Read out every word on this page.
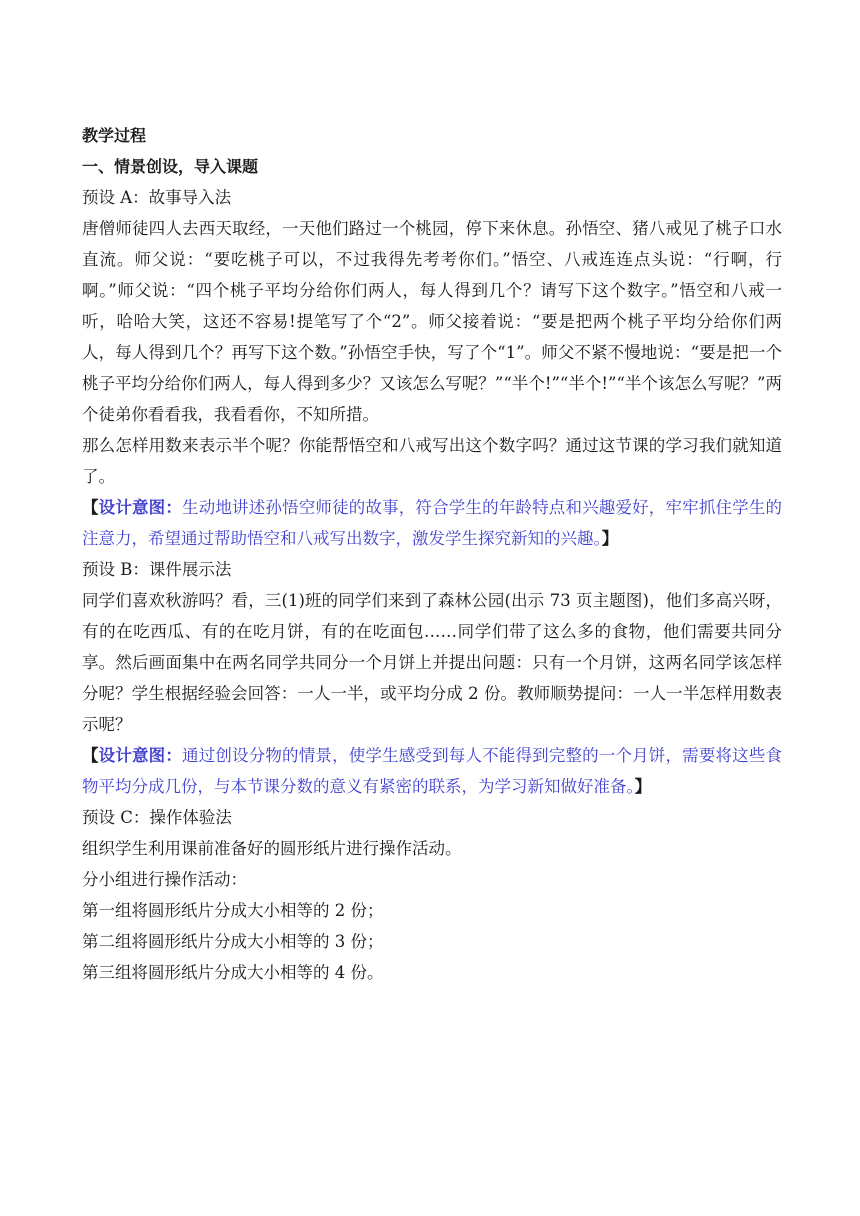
教学过程

一、情景创设，导入课题

预设 A：故事导入法

唐僧师徒四人去西天取经，一天他们路过一个桃园，停下来休息。孙悟空、猪八戒见了桃子口水直流。师父说：“要吃桃子可以，不过我得先考考你们。”悟空、八戒连连点头说：“行啊，行啊。”师父说：“四个桃子平均分给你们两人，每人得到几个？请写下这个数字。”悟空和八戒一听，哈哈大笑，这还不容易!提笔写了个“2”。师父接着说：“要是把两个桃子平均分给你们两人，每人得到几个？再写下这个数。”孙悟空手快，写了个“1”。师父不紧不慢地说：“要是把一个桃子平均分给你们两人，每人得到多少？又该怎么写呢？”“半个!”“半个!”“半个该怎么写呢？”两个徒弟你看看我，我看看你，不知所措。

那么怎样用数来表示半个呢？你能帮悟空和八戒写出这个数字吗？通过这节课的学习我们就知道了。

【设计意图：生动地讲述孙悟空师徒的故事，符合学生的年龄特点和兴趣爱好，牢牢抓住学生的注意力，希望通过帮助悟空和八戒写出数字，激发学生探究新知的兴趣。】

预设 B：课件展示法

同学们喜欢秋游吗？看，三(1)班的同学们来到了森林公园(出示 73 页主题图)，他们多高兴呀，有的在吃西瓜、有的在吃月饼，有的在吃面包……同学们带了这么多的食物，他们需要共同分享。然后画面集中在两名同学共同分一个月饼上并提出问题：只有一个月饼，这两名同学该怎样分呢？学生根据经验会回答：一人一半，或平均分成 2 份。教师顺势提问：一人一半怎样用数表示呢？

【设计意图：通过创设分物的情景，使学生感受到每人不能得到完整的一个月饼，需要将这些食物平均分成几份，与本节课分数的意义有紧密的联系，为学习新知做好准备。】

预设 C：操作体验法

组织学生利用课前准备好的圆形纸片进行操作活动。

分小组进行操作活动：

第一组将圆形纸片分成大小相等的 2 份；

第二组将圆形纸片分成大小相等的 3 份；

第三组将圆形纸片分成大小相等的 4 份。
